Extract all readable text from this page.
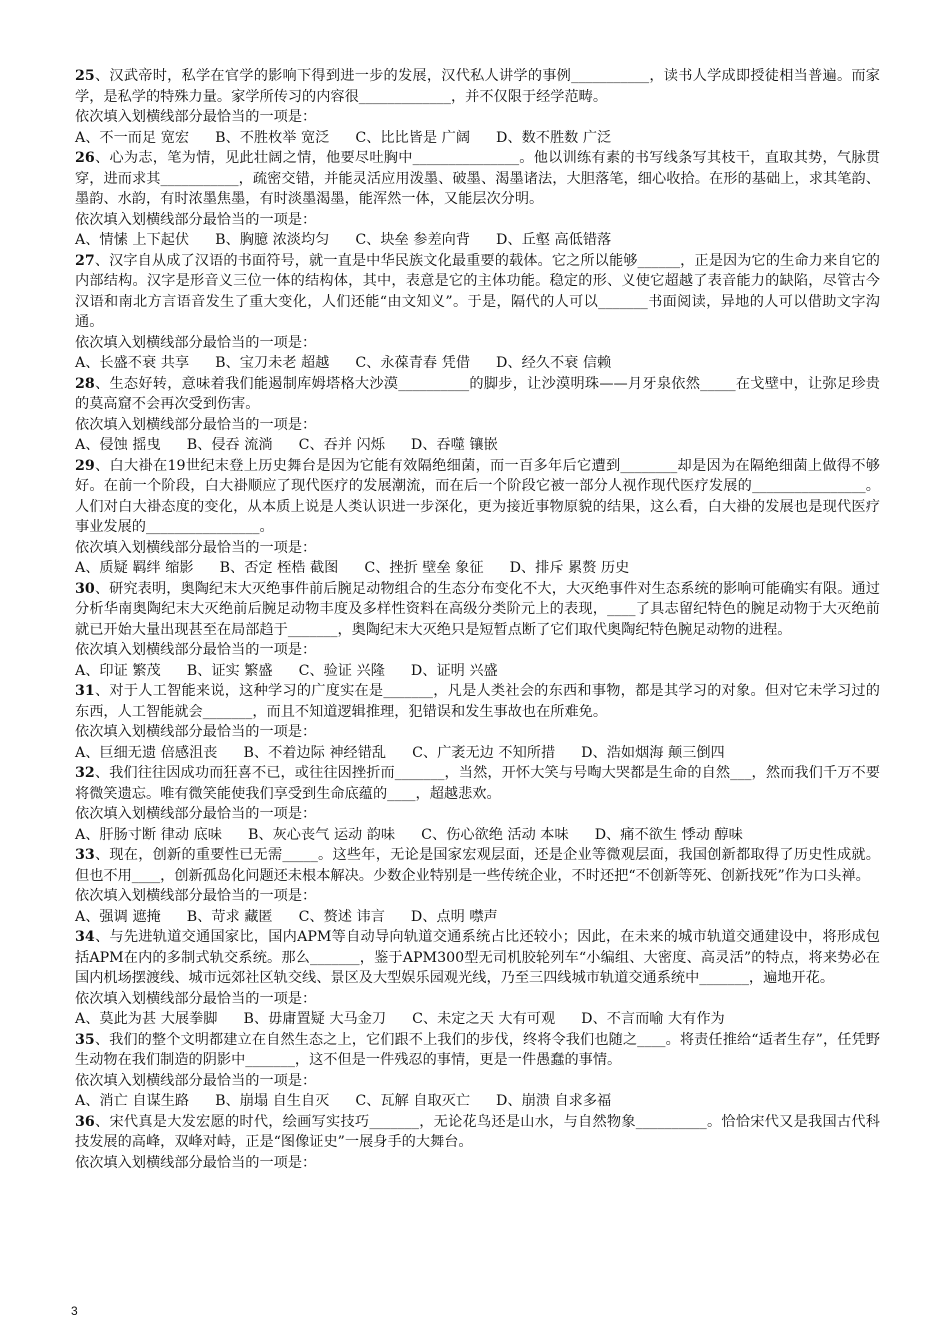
25、汉武帝时，私学在官学的影响下得到进一步的发展，汉代私人讲学的事例___________，读书人学成即授徒相当普遍。而家学，是私学的特殊力量。家学所传习的内容很_____________，并不仅限于经学范畴。

依次填入划横线部分最恰当的一项是：

A、不一而足 宽宏 B、不胜枚举 宽泛 C、比比皆是 广阔 D、数不胜数 广泛

26、心为志，笔为情，见此壮阔之情，他要尽吐胸中_______________。他以训练有素的书写线条写其枝干，直取其势，气脉贯穿，进而求其___________，疏密交错，并能灵活应用泼墨、破墨、渴墨诸法，大胆落笔，细心收拾。在形的基础上，求其笔韵、墨韵、水韵，有时浓墨焦墨，有时淡墨渴墨，能浑然一体，又能层次分明。

依次填入划横线部分最恰当的一项是：

A、情愫 上下起伏 B、胸臆 浓淡均匀 C、块垒 参差向背 D、丘壑 高低错落

27、汉字自从成了汉语的书面符号，就一直是中华民族文化最重要的载体。它之所以能够______，正是因为它的生命力来自它的内部结构。汉字是形音义三位一体的结构体，其中，表意是它的主体功能。稳定的形、义使它超越了表音能力的缺陷，尽管古今汉语和南北方言语音发生了重大变化，人们还能“由文知义”。于是，隔代的人可以_______书面阅读，异地的人可以借助文字沟通。

依次填入划横线部分最恰当的一项是：

A、长盛不衰 共享 B、宝刀未老 超越 C、永葆青春 凭借 D、经久不衰 信赖

28、生态好转，意味着我们能遏制库姆塔格大沙漠__________的脚步，让沙漠明珠——月牙泉依然_____在戈壁中，让弥足珍贵的莫高窟不会再次受到伤害。

依次填入划横线部分最恰当的一项是：

A、侵蚀 摇曳 B、侵吞 流淌 C、吞并 闪烁 D、吞噬 镶嵌

29、白大褂在19世纪末登上历史舞台是因为它能有效隔绝细菌，而一百多年后它遭到________却是因为在隔绝细菌上做得不够好。在前一个阶段，白大褂顺应了现代医疗的发展潮流，而在后一个阶段它被一部分人视作现代医疗发展的________________。人们对白大褂态度的变化，从本质上说是人类认识进一步深化，更为接近事物原貌的结果，这么看，白大褂的发展也是现代医疗事业发展的________________。

依次填入划横线部分最恰当的一项是：

A、质疑 羁绊 缩影 B、否定 桎梏 截图 C、挫折 壁垒 象征 D、排斥 累赘 历史

30、研究表明，奥陶纪末大灭绝事件前后腕足动物组合的生态分布变化不大，大灭绝事件对生态系统的影响可能确实有限。通过分析华南奥陶纪末大灭绝前后腕足动物丰度及多样性资料在高级分类阶元上的表现，____了具志留纪特色的腕足动物于大灭绝前就已开始大量出现甚至在局部趋于_______，奥陶纪末大灭绝只是短暂点断了它们取代奥陶纪特色腕足动物的进程。

依次填入划横线部分最恰当的一项是：

A、印证 繁茂 B、证实 繁盛 C、验证 兴隆 D、证明 兴盛

31、对于人工智能来说，这种学习的广度实在是_______，凡是人类社会的东西和事物，都是其学习的对象。但对它未学习过的东西，人工智能就会_______，而且不知道逻辑推理，犯错误和发生事故也在所难免。

依次填入划横线部分最恰当的一项是：

A、巨细无遗 倍感沮丧 B、不着边际 神经错乱 C、广袤无边 不知所措 D、浩如烟海 颠三倒四

32、我们往往因成功而狂喜不已，或往往因挫折而_______，当然，开怀大笑与号啕大哭都是生命的自然___，然而我们千万不要将微笑遗忘。唯有微笑能使我们享受到生命底蕴的____，超越悲欢。

依次填入划横线部分最恰当的一项是：

A、肝肠寸断 律动 底味 B、灰心丧气 运动 韵味 C、伤心欲绝 活动 本味 D、痛不欲生 悸动 醇味

33、现在，创新的重要性已无需_____。这些年，无论是国家宏观层面，还是企业等微观层面，我国创新都取得了历史性成就。但也不用____，创新孤岛化问题还未根本解决。少数企业特别是一些传统企业，不时还把“不创新等死、创新找死”作为口头禅。

依次填入划横线部分最恰当的一项是：

A、强调 遮掩 B、苛求 藏匿 C、赘述 讳言 D、点明 噤声

34、与先进轨道交通国家比，国内APM等自动导向轨道交通系统占比还较小；因此，在未来的城市轨道交通建设中，将形成包括APM在内的多制式轨交系统。那么_______，鉴于APM300型无司机胶轮列车“小编组、大密度、高灵活”的特点，将来势必在国内机场摆渡线、城市远郊社区轨交线、景区及大型娱乐园观光线，乃至三四线城市轨道交通系统中_______，遍地开花。

依次填入划横线部分最恰当的一项是：

A、莫此为甚 大展拳脚 B、毋庸置疑 大马金刀 C、未定之天 大有可观 D、不言而喻 大有作为

35、我们的整个文明都建立在自然生态之上，它们跟不上我们的步伐，终将令我们也随之____。将责任推给“适者生存”，任凭野生动物在我们制造的阴影中_______，这不但是一件残忍的事情，更是一件愚蠢的事情。

依次填入划横线部分最恰当的一项是：

A、消亡 自谋生路 B、崩塌 自生自灭 C、瓦解 自取灭亡 D、崩溃 自求多福

36、宋代真是大发宏愿的时代，绘画写实技巧_______，无论花鸟还是山水，与自然物象__________。恰恰宋代又是我国古代科技发展的高峰，双峰对峙，正是“图像证史”一展身手的大舞台。

依次填入划横线部分最恰当的一项是：

3
